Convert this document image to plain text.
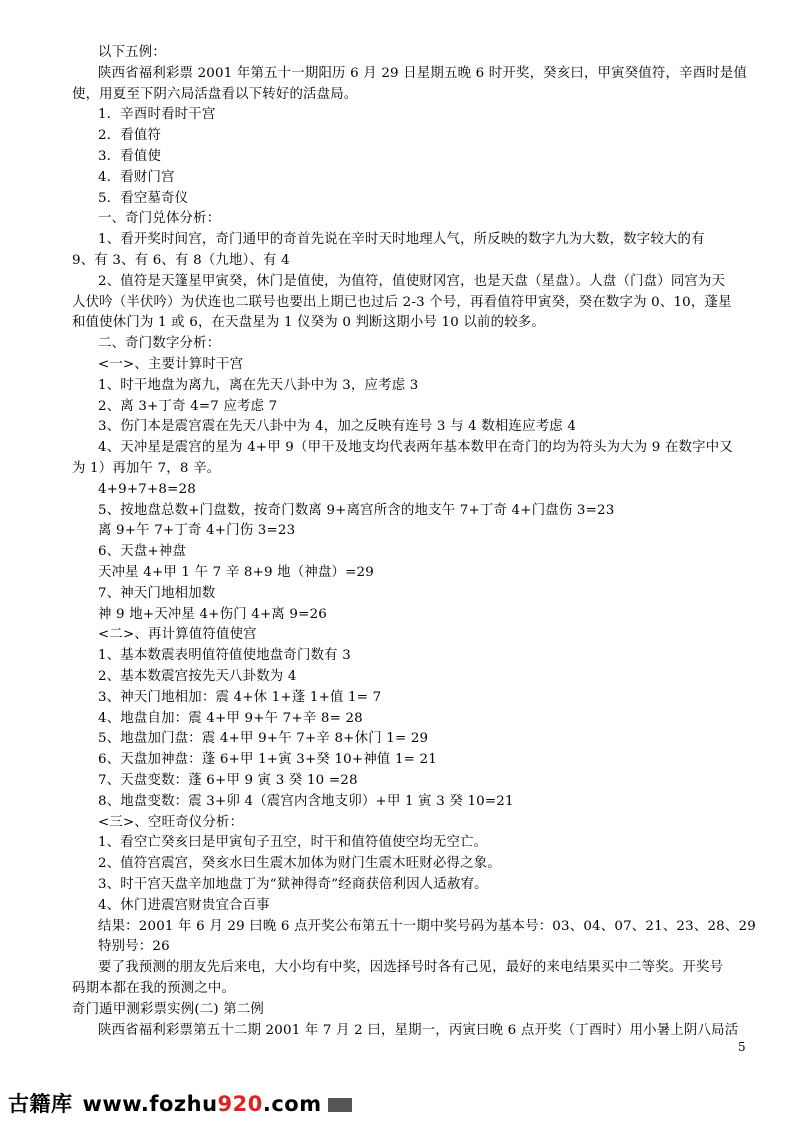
以下五例：
陕西省福利彩票 2001 年第五十一期阳历 6 月 29 日星期五晚 6 时开奖，癸亥曰，甲寅癸值符，辛酉时是值
使，用夏至下阴六局活盘看以下转好的活盘局。
1．辛酉时看时干宫
2．看值符
3．看值使
4．看财门宫
5．看空墓奇仪
一、奇门兑体分析：
1、看开奖时间宫，奇门通甲的奇首先说在辛时天时地理人气，所反映的数字九为大数，数字较大的有
9、有 3、有 6、有 8（九地）、有 4
2、值符是天篷星甲寅癸，休门是值使，为值符，值使财冈宫，也是天盘（星盘）。人盘（门盘）同宫为天
人伏吟（半伏吟）为伏连也二联号也要出上期已也过后 2-3 个号，再看值符甲寅癸，癸在数字为 0、10，蓬星
和值使休门为 1 或 6，在天盘星为 1 仪癸为 0 判断这期小号 10 以前的较多。
二、奇门数字分析：
<一>、主要计算时干宫
1、时干地盘为离九，离在先天八卦中为 3，应考虑 3
2、离 3+丁奇 4=7 应考虑 7
3、伤门本是震宫震在先天八卦中为 4，加之反映有连号 3 与 4 数相连应考虑 4
4、天冲星是震宫的星为 4+甲 9（甲干及地支均代表两年基本数甲在奇门的均为符头为大为 9 在数字中又
为 1）再加午 7，8 辛。
4+9+7+8=28
5、按地盘总数+门盘数，按奇门数离 9+离宫所含的地支午 7+丁奇 4+门盘伤 3=23
离 9+午 7+丁奇 4+门伤 3=23
6、天盘+神盘
天冲星 4+甲 1 午 7 辛 8+9 地（神盘）=29
7、神天门地相加数
神 9 地+天冲星 4+伤门 4+离 9=26
<二>、再计算值符值使宫
1、基本数震表明值符值使地盘奇门数有 3
2、基本数震宫按先天八卦数为 4
3、神天门地相加：震 4+休 1+蓬 1+值 1= 7
4、地盘自加：震 4+甲 9+午 7+辛 8= 28
5、地盘加门盘：震 4+甲 9+午 7+辛 8+休门 1= 29
6、天盘加神盘：蓬 6+甲 1+寅 3+癸 10+神值 1= 21
7、天盘变数：蓬 6+甲 9 寅 3 癸 10 =28
8、地盘变数：震 3+卯 4（震宫内含地支卯）+甲 1 寅 3 癸 10=21
<三>、空旺奇仪分析：
1、看空亡癸亥曰是甲寅旬子丑空，时干和值符值使空均无空亡。
2、值符宫震宫，癸亥水曰生震木加体为财门生震木旺财必得之象。
3、时干宫天盘辛加地盘丁为“狱神得奇”经商获倍利因人适赦宥。
4、休门进震宫财贵宜合百事
结果：2001 年 6 月 29 曰晚 6 点开奖公布第五十一期中奖号码为基本号：03、04、07、21、23、28、29
特别号：26
要了我预测的朋友先后来电，大小均有中奖，因选择号时各有己见，最好的来电结果买中二等奖。开奖号
码期本都在我的预测之中。
奇门遁甲测彩票实例(二) 第二例
陕西省福利彩票第五十二期 2001 年 7 月 2 曰，星期一，丙寅曰晚 6 点开奖（丁酉时）用小暑上阴八局活
5
古籍库 www.fozhu920.com
